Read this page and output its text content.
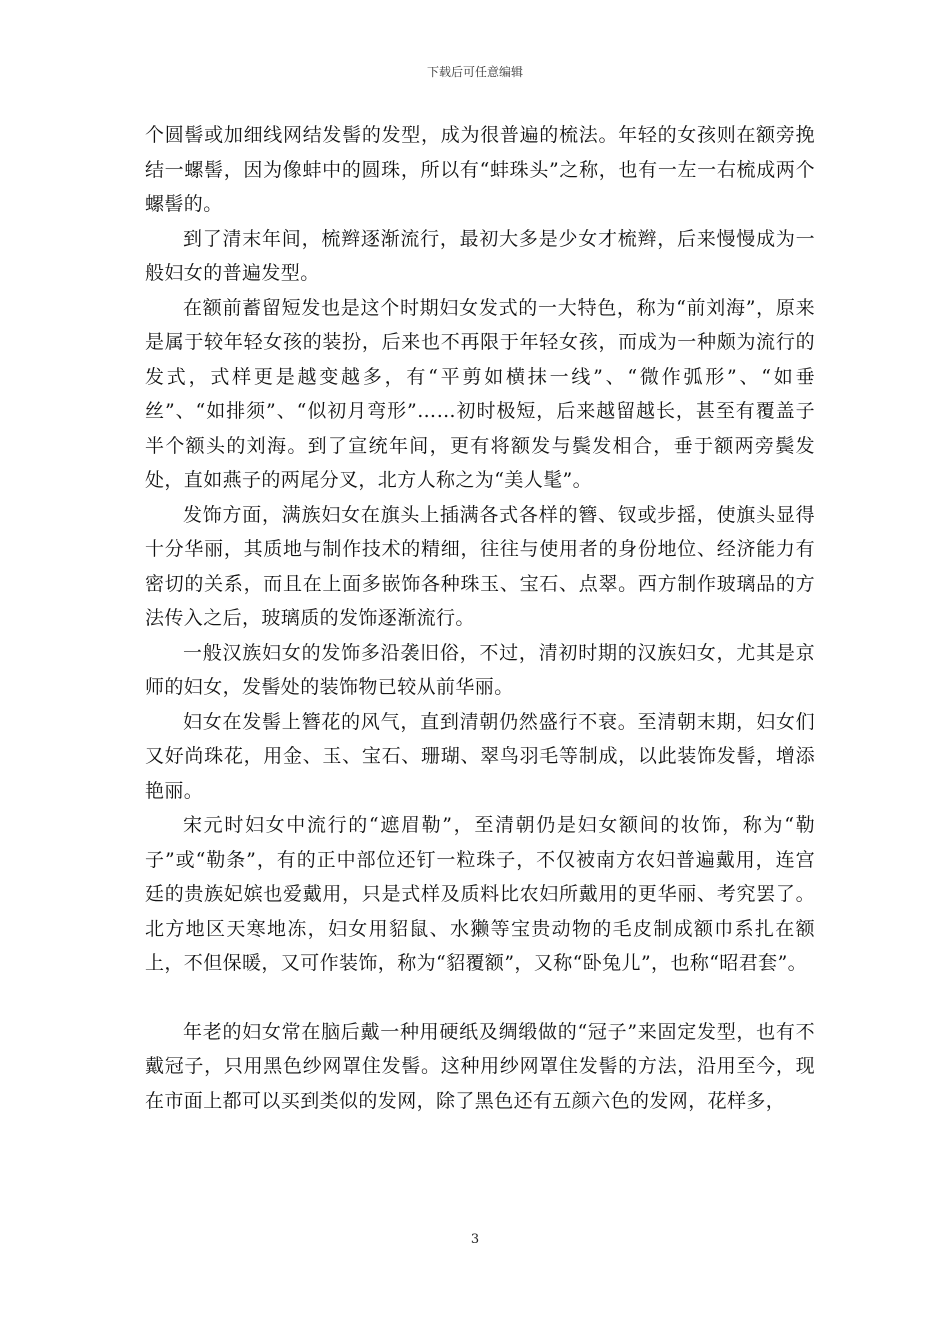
下载后可任意编辑

个圆髻或加细线网结发髻的发型，成为很普遍的梳法。年轻的女孩则在额旁挽结一螺髻，因为像蚌中的圆珠，所以有“蚌珠头”之称，也有一左一右梳成两个螺髻的。

到了清末年间，梳辫逐渐流行，最初大多是少女才梳辫，后来慢慢成为一般妇女的普遍发型。

在额前蓄留短发也是这个时期妇女发式的一大特色，称为“前刘海”，原来是属于较年轻女孩的装扮，后来也不再限于年轻女孩，而成为一种颇为流行的发式，式样更是越变越多，有“平剪如横抹一线”、“微作弧形”、“如垂丝”、“如排须”、“似初月弯形”……初时极短，后来越留越长，甚至有覆盖子半个额头的刘海。到了宣统年间，更有将额发与鬓发相合，垂于额两旁鬓发处，直如燕子的两尾分叉，北方人称之为“美人髦”。

发饰方面，满族妇女在旗头上插满各式各样的簪、钗或步摇，使旗头显得十分华丽，其质地与制作技术的精细，往往与使用者的身份地位、经济能力有密切的关系，而且在上面多嵌饰各种珠玉、宝石、点翠。西方制作玻璃品的方法传入之后，玻璃质的发饰逐渐流行。

一般汉族妇女的发饰多沿袭旧俗，不过，清初时期的汉族妇女，尤其是京师的妇女，发髻处的装饰物已较从前华丽。

妇女在发髻上簪花的风气，直到清朝仍然盛行不衰。至清朝末期，妇女们又好尚珠花，用金、玉、宝石、珊瑚、翠鸟羽毛等制成，以此装饰发髻，增添艳丽。

宋元时妇女中流行的“遮眉勒”，至清朝仍是妇女额间的妆饰，称为“勒子”或“勒条”，有的正中部位还钉一粒珠子，不仅被南方农妇普遍戴用，连宫廷的贵族妃嫔也爱戴用，只是式样及质料比农妇所戴用的更华丽、考究罢了。北方地区天寒地冻，妇女用貂鼠、水獭等宝贵动物的毛皮制成额巾系扎在额上，不但保暖，又可作装饰，称为“貂覆额”，又称“卧兔儿”，也称“昭君套”。

年老的妇女常在脑后戴一种用硬纸及绸缎做的“冠子”来固定发型，也有不戴冠子，只用黑色纱网罩住发髻。这种用纱网罩住发髻的方法，沿用至今，现在市面上都可以买到类似的发网，除了黑色还有五颜六色的发网，花样多，

3
